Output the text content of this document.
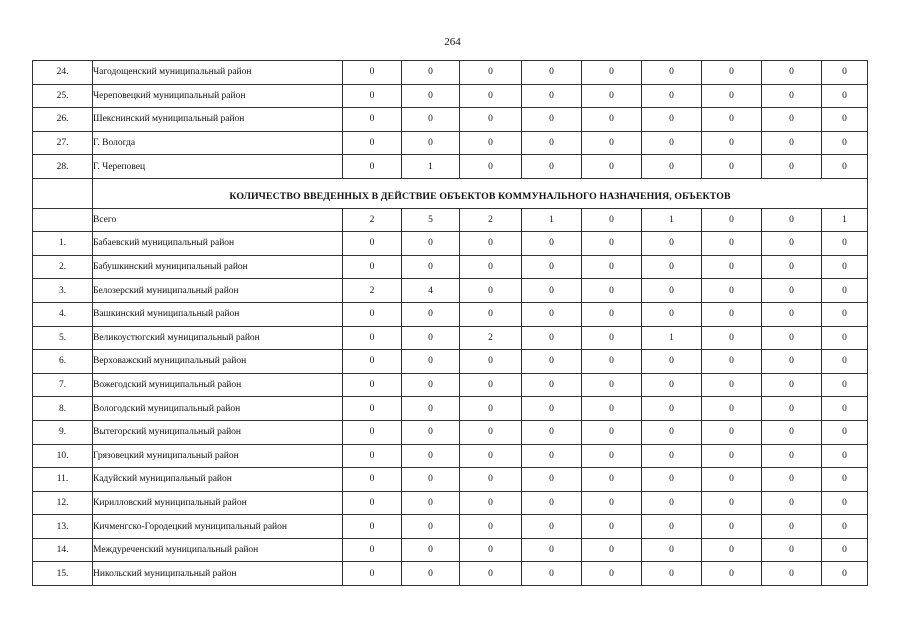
264
24.	Чагодощенский муниципальный район	0	0	0	0	0	0	0	0	0
25.	Череповецкий муниципальный район	0	0	0	0	0	0	0	0	0
26.	Шекснинский муниципальный район	0	0	0	0	0	0	0	0	0
27.	Г. Вологда	0	0	0	0	0	0	0	0	0
28.	Г. Череповец	0	1	0	0	0	0	0	0	0
	КОЛИЧЕСТВО ВВЕДЕННЫХ В ДЕЙСТВИЕ ОБЪЕКТОВ КОММУНАЛЬНОГО НАЗНАЧЕНИЯ, ОБЪЕКТОВ									
	Всего	2	5	2	1	0	1	0	0	1
1.	Бабаевский муниципальный район	0	0	0	0	0	0	0	0	0
2.	Бабушкинский муниципальный район	0	0	0	0	0	0	0	0	0
3.	Белозерский муниципальный район	2	4	0	0	0	0	0	0	0
4.	Вашкинский муниципальный район	0	0	0	0	0	0	0	0	0
5.	Великоустюгский муниципальный район	0	0	2	0	0	1	0	0	0
6.	Верховажский муниципальный район	0	0	0	0	0	0	0	0	0
7.	Вожегодский муниципальный район	0	0	0	0	0	0	0	0	0
8.	Вологодский муниципальный район	0	0	0	0	0	0	0	0	0
9.	Вытегорский муниципальный район	0	0	0	0	0	0	0	0	0
10.	Грязовецкий муниципальный район	0	0	0	0	0	0	0	0	0
11.	Кадуйский муниципальный район	0	0	0	0	0	0	0	0	0
12.	Кирилловский муниципальный район	0	0	0	0	0	0	0	0	0
13.	Кичменгско-Городецкий муниципальный район	0	0	0	0	0	0	0	0	0
14.	Междуреченский муниципальный район	0	0	0	0	0	0	0	0	0
15.	Никольский муниципальный район	0	0	0	0	0	0	0	0	0
